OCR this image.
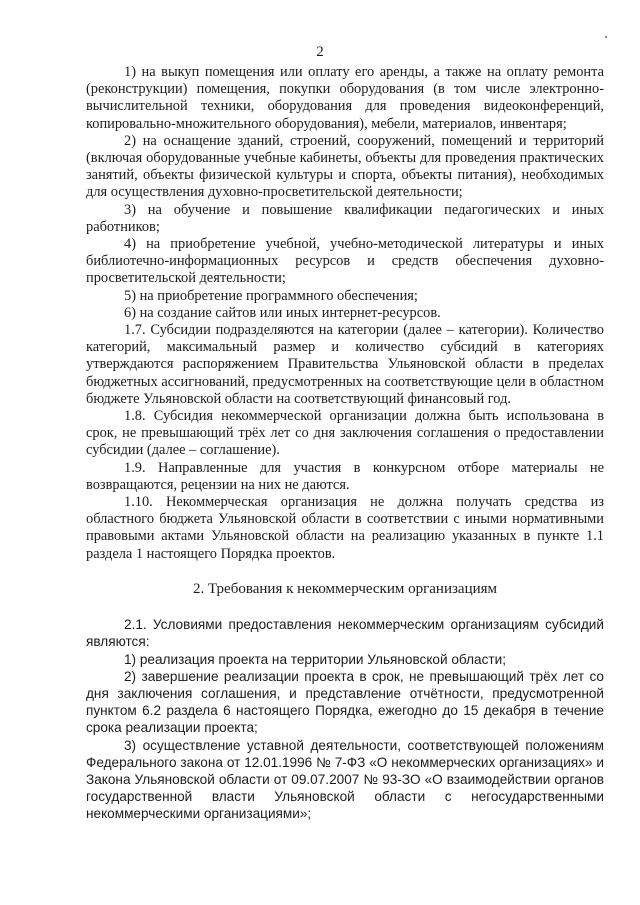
2

1) на выкуп помещения или оплату его аренды, а также на оплату ремонта (реконструкции) помещения, покупки оборудования (в том числе электронно-вычислительной техники, оборудования для проведения видеоконференций, копировально-множительного оборудования), мебели, материалов, инвентаря;

2) на оснащение зданий, строений, сооружений, помещений и территорий (включая оборудованные учебные кабинеты, объекты для проведения практических занятий, объекты физической культуры и спорта, объекты питания), необходимых для осуществления духовно-просветительской деятельности;

3) на обучение и повышение квалификации педагогических и иных работников;

4) на приобретение учебной, учебно-методической литературы и иных библиотечно-информационных ресурсов и средств обеспечения духовно-просветительской деятельности;

5) на приобретение программного обеспечения;

6) на создание сайтов или иных интернет-ресурсов.

1.7. Субсидии подразделяются на категории (далее – категории). Количество категорий, максимальный размер и количество субсидий в категориях утверждаются распоряжением Правительства Ульяновской области в пределах бюджетных ассигнований, предусмотренных на соответствующие цели в областном бюджете Ульяновской области на соответствующий финансовый год.

1.8. Субсидия некоммерческой организации должна быть использована в срок, не превышающий трёх лет со дня заключения соглашения о предоставлении субсидии (далее – соглашение).

1.9. Направленные для участия в конкурсном отборе материалы не возвращаются, рецензии на них не даются.

1.10. Некоммерческая организация не должна получать средства из областного бюджета Ульяновской области в соответствии с иными нормативными правовыми актами Ульяновской области на реализацию указанных в пункте 1.1 раздела 1 настоящего Порядка проектов.

2. Требования к некоммерческим организациям

2.1. Условиями предоставления некоммерческим организациям субсидий являются:

1) реализация проекта на территории Ульяновской области;

2) завершение реализации проекта в срок, не превышающий трёх лет со дня заключения соглашения, и представление отчётности, предусмотренной пунктом 6.2 раздела 6 настоящего Порядка, ежегодно до 15 декабря в течение срока реализации проекта;

3) осуществление уставной деятельности, соответствующей положениям Федерального закона от 12.01.1996 № 7-ФЗ «О некоммерческих организациях» и Закона Ульяновской области от 09.07.2007 № 93-ЗО «О взаимодействии органов государственной власти Ульяновской области с негосударственными некоммерческими организациями»;
